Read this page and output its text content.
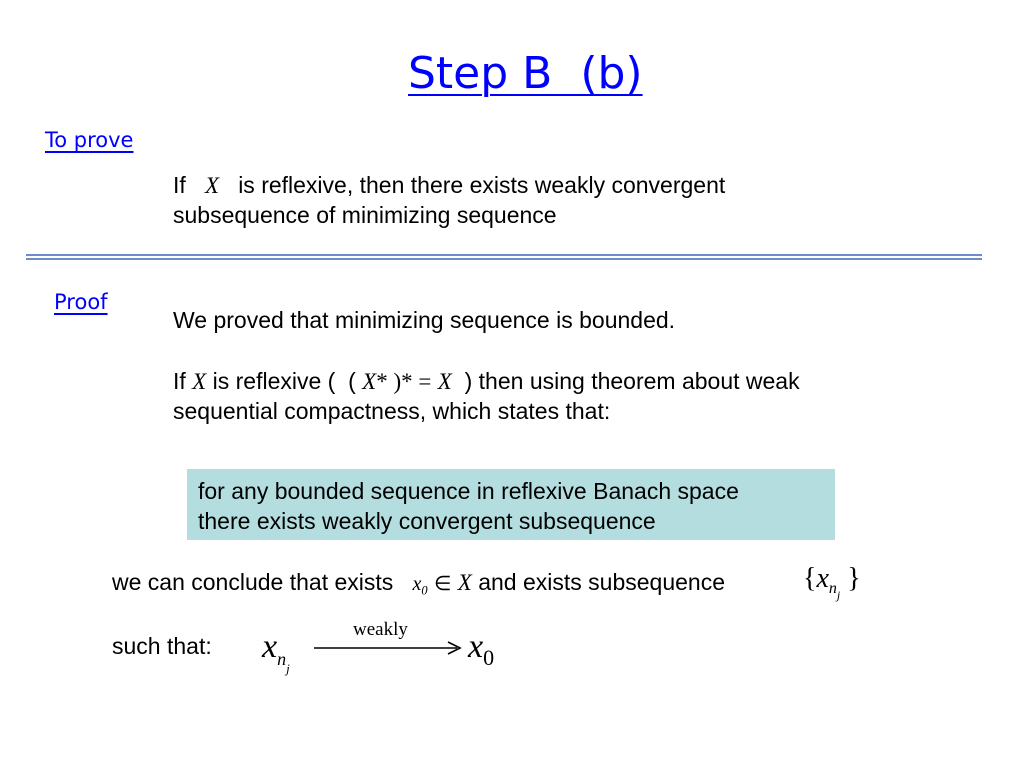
Step B  (b)
To prove
If X is reflexive, then there exists weakly convergent
subsequence of minimizing sequence
Proof
We proved that minimizing sequence is bounded.
If X is reflexive ( ( X* )* = X ) then using theorem about weak
sequential compactness, which states that:
for any bounded sequence in reflexive Banach space
there exists weakly convergent subsequence
we can conclude that exists $x_0$ ∈ X and exists subsequence	{$x_{nj}$ }
such that: $xn_j$
weakly x0
